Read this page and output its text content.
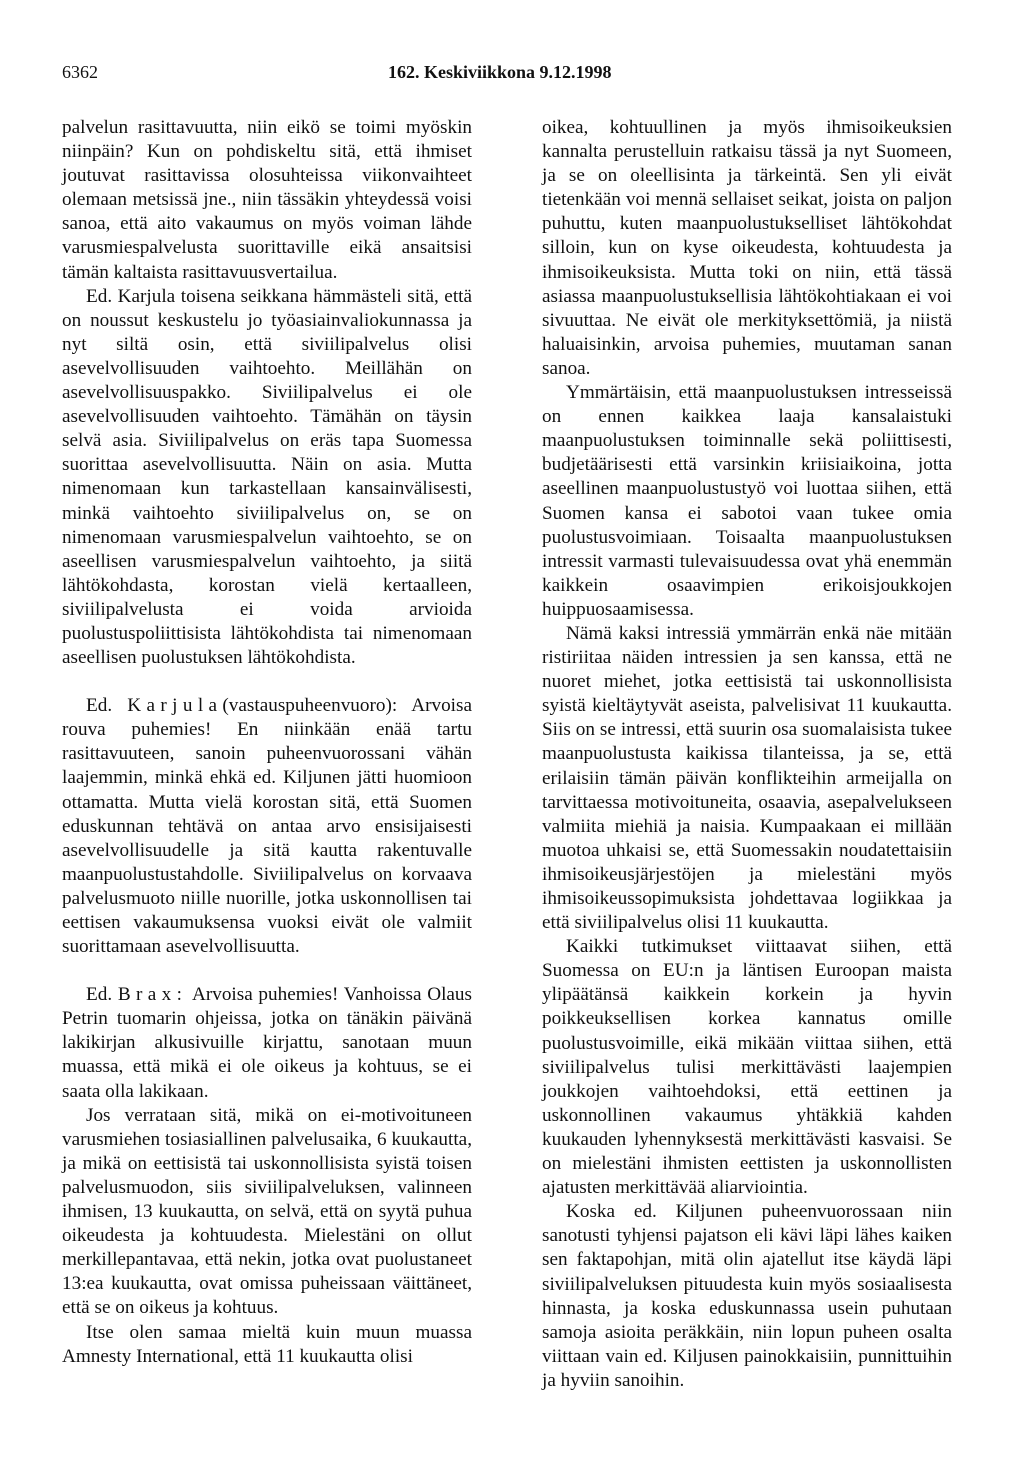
6362	162. Keskiviikkona 9.12.1998

palvelun rasittavuutta, niin eikö se toimi myöskin niinpäin? Kun on pohdiskeltu sitä, että ihmiset joutuvat rasittavissa olosuhteissa viikonvaihteet olemaan metsissä jne., niin tässäkin yhteydessä voisi sanoa, että aito vakaumus on myös voiman lähde varusmiespalvelusta suorittaville eikä ansaitsisi tämän kaltaista rasittavuusvertailua.

Ed. Karjula toisena seikkana hämmästeli sitä, että on noussut keskustelu jo työasiainvaliokunnassa ja nyt siltä osin, että siviilipalvelus olisi asevelvollisuuden vaihtoehto. Meillähän on asevelvollisuuspakko. Siviilipalvelus ei ole asevelvollisuuden vaihtoehto. Tämähän on täysin selvä asia. Siviilipalvelus on eräs tapa Suomessa suorittaa asevelvollisuutta. Näin on asia. Mutta nimenomaan kun tarkastellaan kansainvälisesti, minkä vaihtoehto siviilipalvelus on, se on nimenomaan varusmiespalvelun vaihtoehto, se on aseellisen varusmiespalvelun vaihtoehto, ja siitä lähtökohdasta, korostan vielä kertaalleen, siviilipalvelusta ei voida arvioida puolustuspoliittisista lähtökohdista tai nimenomaan aseellisen puolustuksen lähtökohdista.

Ed. Karjula(vastauspuheenvuoro): Arvoisa rouva puhemies! En niinkään enää tartu rasittavuuteen, sanoin puheenvuorossani vähän laajemmin, minkä ehkä ed. Kiljunen jätti huomioon ottamatta. Mutta vielä korostan sitä, että Suomen eduskunnan tehtävä on antaa arvo ensisijaisesti asevelvollisuudelle ja sitä kautta rakentuvalle maanpuolustustahdolle. Siviilipalvelus on korvaava palvelusmuoto niille nuorille, jotka uskonnollisen tai eettisen vakaumuksensa vuoksi eivät ole valmiit suorittamaan asevelvollisuutta.

Ed. Brax: Arvoisa puhemies! Vanhoissa Olaus Petrin tuomarin ohjeissa, jotka on tänäkin päivänä lakikirjan alkusivuille kirjattu, sanotaan muun muassa, että mikä ei ole oikeus ja kohtuus, se ei saata olla lakikaan.

Jos verrataan sitä, mikä on ei-motivoituneen varusmiehen tosiasiallinen palvelusaika, 6 kuukautta, ja mikä on eettisistä tai uskonnollisista syistä toisen palvelusmuodon, siis siviilipalveluksen, valinneen ihmisen, 13 kuukautta, on selvä, että on syytä puhua oikeudesta ja kohtuudesta. Mielestäni on ollut merkillepantavaa, että nekin, jotka ovat puolustaneet 13:ea kuukautta, ovat omissa puheissaan väittäneet, että se on oikeus ja kohtuus.

Itse olen samaa mieltä kuin muun muassa Amnesty International, että 11 kuukautta olisi

oikea, kohtuullinen ja myös ihmisoikeuksien kannalta perustelluin ratkaisu tässä ja nyt Suomeen, ja se on oleellisinta ja tärkeintä. Sen yli eivät tietenkään voi mennä sellaiset seikat, joista on paljon puhuttu, kuten maanpuolustukselliset lähtökohdat silloin, kun on kyse oikeudesta, kohtuudesta ja ihmisoikeuksista. Mutta toki on niin, että tässä asiassa maanpuolustuksellisia lähtökohtiakaan ei voi sivuuttaa. Ne eivät ole merkityksettömiä, ja niistä haluaisinkin, arvoisa puhemies, muutaman sanan sanoa.

Ymmärtäisin, että maanpuolustuksen intresseissä on ennen kaikkea laaja kansalaistuki maanpuolustuksen toiminnalle sekä poliittisesti, budjetäärisesti että varsinkin kriisiaikoina, jotta aseellinen maanpuolustustyö voi luottaa siihen, että Suomen kansa ei sabotoi vaan tukee omia puolustusvoimiaan. Toisaalta maanpuolustuksen intressit varmasti tulevaisuudessa ovat yhä enemmän kaikkein osaavimpien erikoisjoukkojen huippuosaamisessa.

Nämä kaksi intressiä ymmärrän enkä näe mitään ristiriitaa näiden intressien ja sen kanssa, että ne nuoret miehet, jotka eettisistä tai uskonnollisista syistä kieltäytyvät aseista, palvelisivat 11 kuukautta. Siis on se intressi, että suurin osa suomalaisista tukee maanpuolustusta kaikissa tilanteissa, ja se, että erilaisiin tämän päivän konflikteihin armeijalla on tarvittaessa motivoituneita, osaavia, asepalvelukseen valmiita miehiä ja naisia. Kumpaakaan ei millään muotoa uhkaisi se, että Suomessakin noudatettaisiin ihmisoikeusjärjestöjen ja mielestäni myös ihmisoikeussopimuksista johdettavaa logiikkaa ja että siviilipalvelus olisi 11 kuukautta.

Kaikki tutkimukset viittaavat siihen, että Suomessa on EU:n ja läntisen Euroopan maista ylipäätänsä kaikkein korkein ja hyvin poikkeuksellisen korkea kannatus omille puolustusvoimille, eikä mikään viittaa siihen, että siviilipalvelus tulisi merkittävästi laajempien joukkojen vaihtoehdoksi, että eettinen ja uskonnollinen vakaumus yhtäkkiä kahden kuukauden lyhennyksestä merkittävästi kasvaisi. Se on mielestäni ihmisten eettisten ja uskonnollisten ajatusten merkittävää aliarviointia.

Koska ed. Kiljunen puheenvuorossaan niin sanotusti tyhjensi pajatson eli kävi läpi lähes kaiken sen faktapohjan, mitä olin ajatellut itse käydä läpi siviilipalveluksen pituudesta kuin myös sosiaalisesta hinnasta, ja koska eduskunnassa usein puhutaan samoja asioita peräkkäin, niin lopun puheen osalta viittaan vain ed. Kiljusen painokkaisiin, punnittuihin ja hyviin sanoihin.
